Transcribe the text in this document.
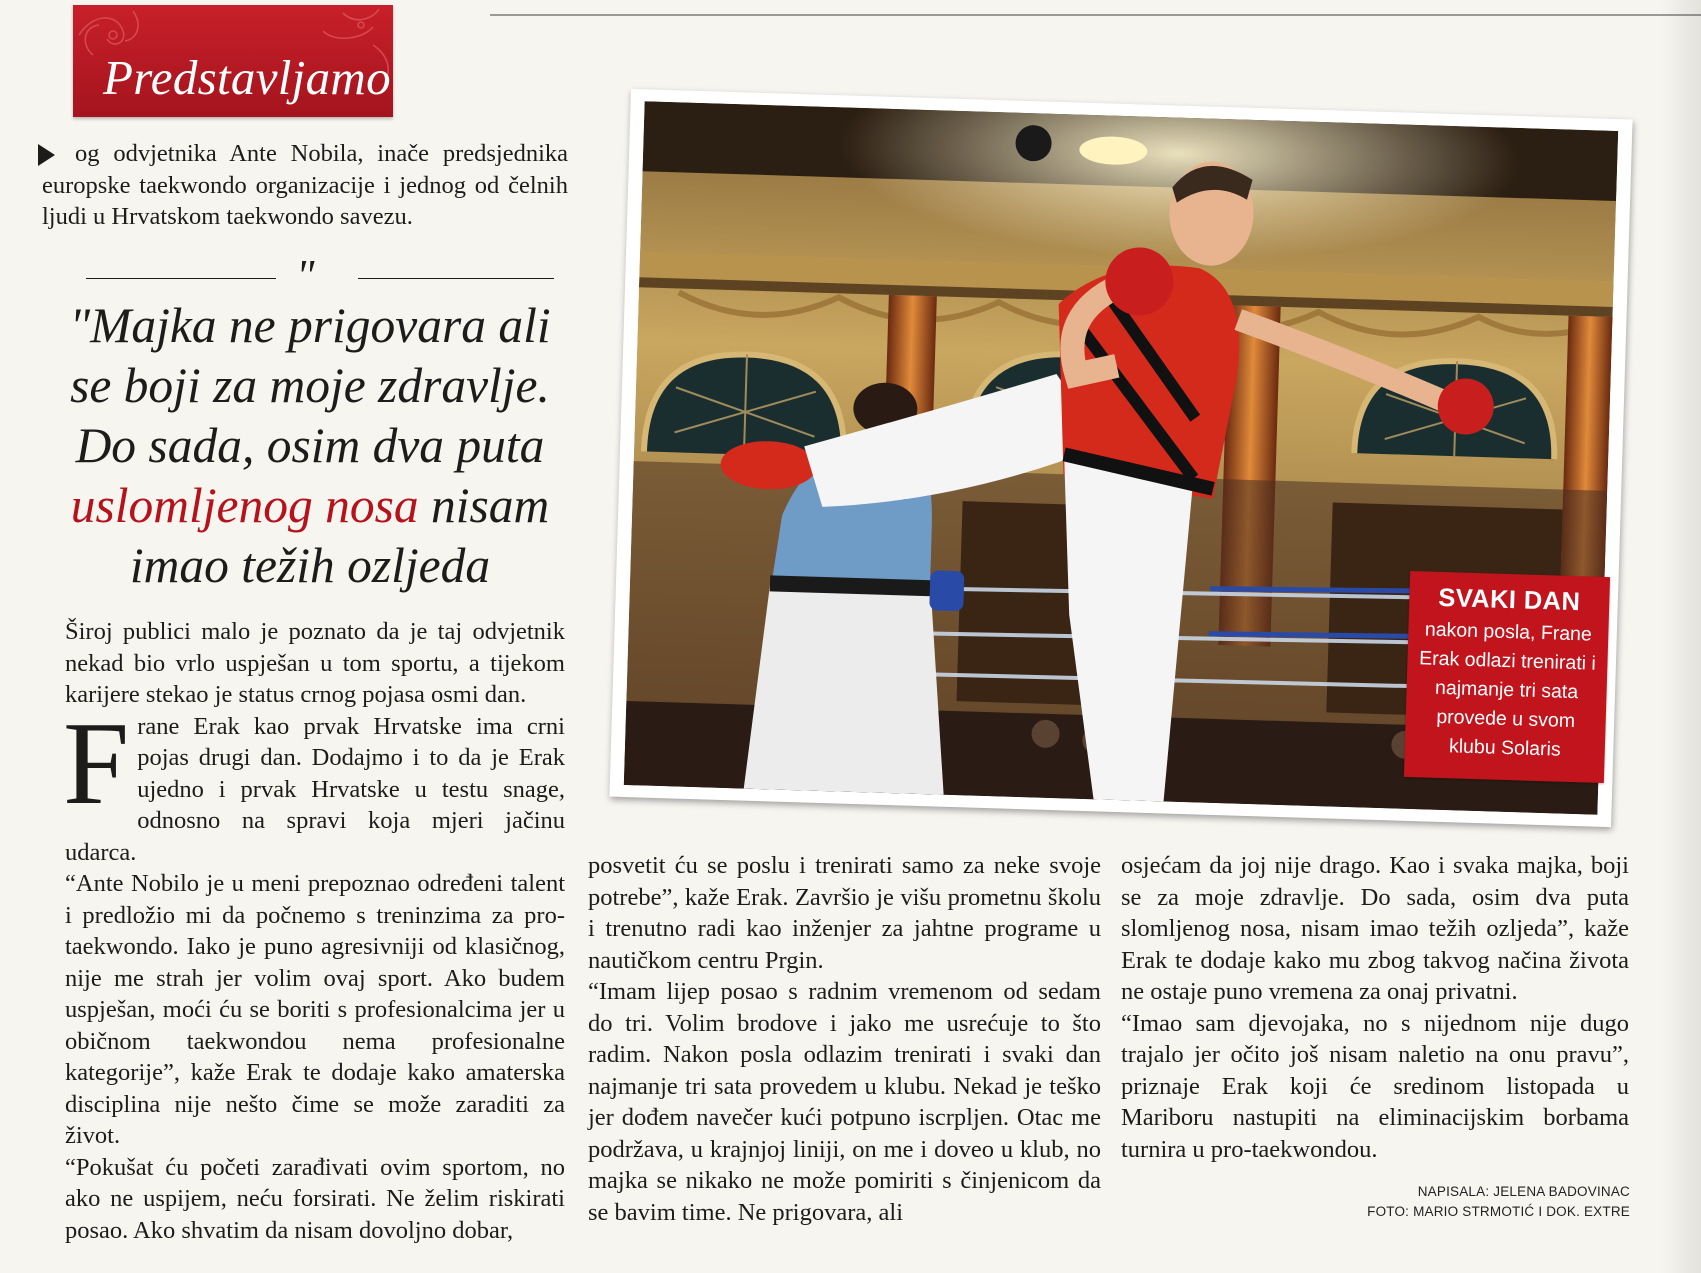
Predstavljamo

og odvjetnika Ante Nobila, inače predsjednika europske taekwondo organizacije i jednog od čelnih ljudi u Hrvatskom taekwondo savezu.

"
"Majka ne prigovara ali se boji za moje zdravlje. Do sada, osim dva puta uslomljenog nosa nisam imao težih ozljeda

Široj publici malo je poznato da je taj odvjetnik nekad bio vrlo uspješan u tom sportu, a tijekom karijere stekao je status crnog pojasa osmi dan.

F rane Erak kao prvak Hrvatske ima crni pojas drugi dan. Dodajmo i to da je Erak ujedno i prvak Hrvatske u testu snage, odnosno na spravi koja mjeri jačinu udarca.

“Ante Nobilo je u meni prepoznao određeni talent i predložio mi da počnemo s treninzima za pro-taekwondo. Iako je puno agresivniji od klasičnog, nije me strah jer volim ovaj sport. Ako budem uspješan, moći ću se boriti s profesionalcima jer u običnom taekwondou nema profesionalne kategorije”, kaže Erak te dodaje kako amaterska disciplina nije nešto čime se može zaraditi za život.

“Pokušat ću početi zarađivati ovim sportom, no ako ne uspijem, neću forsirati. Ne želim riskirati posao. Ako shvatim da nisam dovoljno dobar,

posvetit ću se poslu i trenirati samo za neke svoje potrebe”, kaže Erak. Završio je višu prometnu školu i trenutno radi kao inženjer za jahtne programe u nautičkom centru Prgin.

“Imam lijep posao s radnim vremenom od sedam do tri. Volim brodove i jako me usrećuje to što radim. Nakon posla odlazim trenirati i svaki dan najmanje tri sata provedem u klubu. Nekad je teško jer dođem navečer kući potpuno iscrpljen. Otac me podržava, u krajnjoj liniji, on me i doveo u klub, no majka se nikako ne može pomiriti s činjenicom da se bavim time. Ne prigovara, ali

osjećam da joj nije drago. Kao i svaka majka, boji se za moje zdravlje. Do sada, osim dva puta slomljenog nosa, nisam imao težih ozljeda”, kaže Erak te dodaje kako mu zbog takvog načina života ne ostaje puno vremena za onaj privatni.

“Imao sam djevojaka, no s nijednom nije dugo trajalo jer očito još nisam naletio na onu pravu”, priznaje Erak koji će sredinom listopada u Mariboru nastupiti na eliminacijskim borbama turnira u pro-taekwondou.

NAPISALA: JELENA BADOVINAC
FOTO: MARIO STRMOTIĆ I DOK. EXTRE
SVAKI DAN
nakon posla, Frane Erak odlazi trenirati i najmanje tri sata provede u svom klubu Solaris
